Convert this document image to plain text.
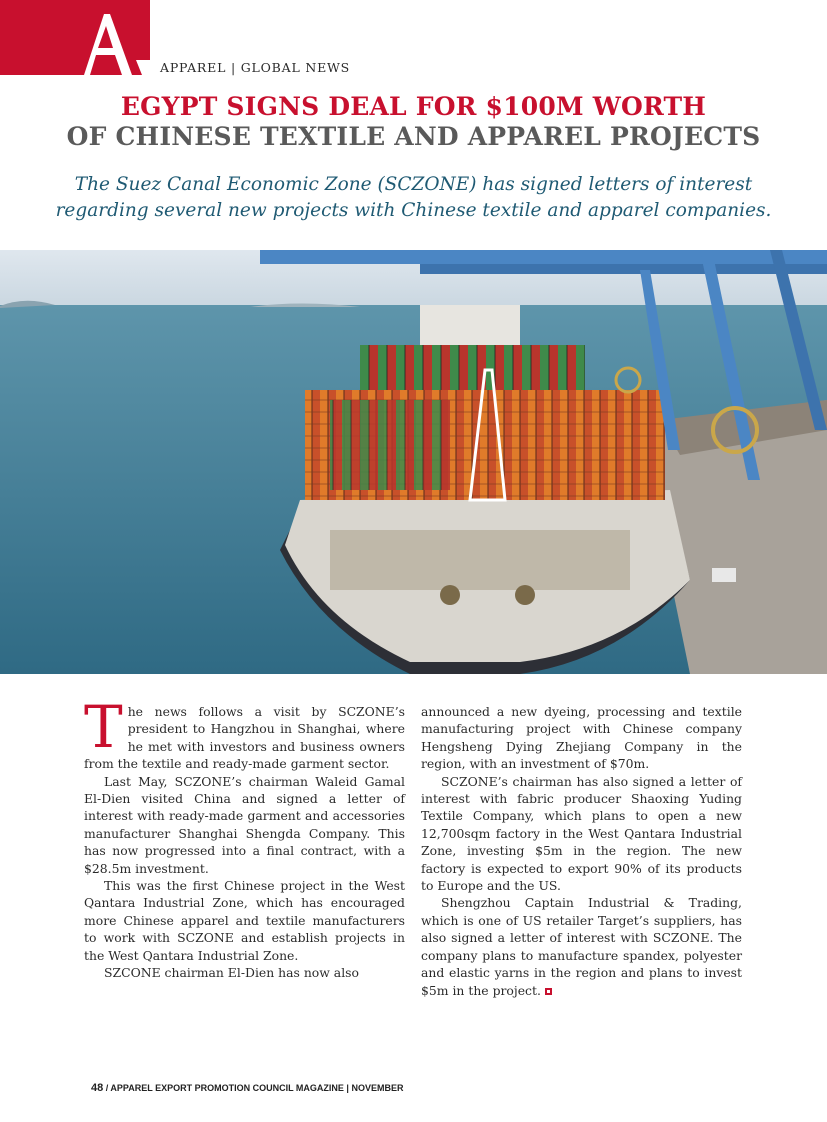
APPAREL | GLOBAL NEWS
EGYPT SIGNS DEAL FOR $100M WORTH
OF CHINESE TEXTILE AND APPAREL PROJECTS
The Suez Canal Economic Zone (SCZONE) has signed letters of interest
regarding several new projects with Chinese textile and apparel companies.

The news follows a visit by SCZONE’s president to Hangzhou in Shanghai, where he met with investors and business owners from the textile and ready-made garment sector.

Last May, SCZONE’s chairman Waleid Gamal El-Dien visited China and signed a letter of interest with ready-made garment and accessories manufacturer Shanghai Shengda Company. This has now progressed into a final contract, with a $28.5m investment.

This was the first Chinese project in the West Qantara Industrial Zone, which has encouraged more Chinese apparel and textile manufacturers to work with SCZONE and establish projects in the West Qantara Industrial Zone.

SZCONE chairman El-Dien has now also

announced a new dyeing, processing and textile manufacturing project with Chinese company Hengsheng Dying Zhejiang Company in the region, with an investment of $70m.

SCZONE’s chairman has also signed a letter of interest with fabric producer Shaoxing Yuding Textile Company, which plans to open a new 12,700sqm factory in the West Qantara Industrial Zone, investing $5m in the region. The new factory is expected to export 90% of its products to Europe and the US.

Shengzhou Captain Industrial & Trading, which is one of US retailer Target’s suppliers, has also signed a letter of interest with SCZONE. The company plans to manufacture spandex, polyester and elastic yarns in the region and plans to invest $5m in the project.

48 / APPAREL EXPORT PROMOTION COUNCIL MAGAZINE | NOVEMBER
